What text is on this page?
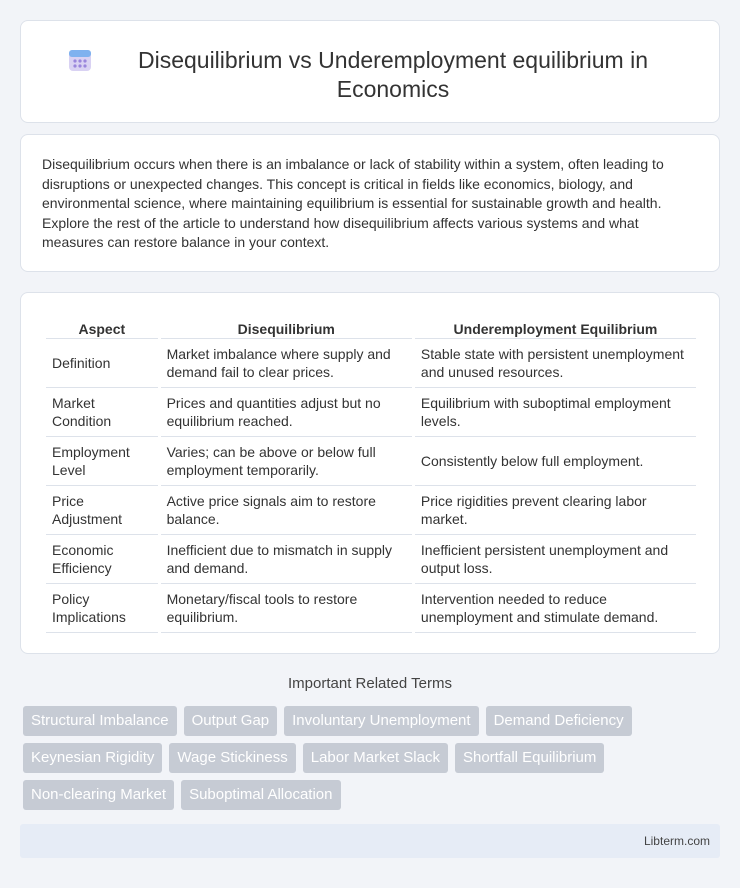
Disequilibrium vs Underemployment equilibrium in Economics

Disequilibrium occurs when there is an imbalance or lack of stability within a system, often leading to disruptions or unexpected changes. This concept is critical in fields like economics, biology, and environmental science, where maintaining equilibrium is essential for sustainable growth and health. Explore the rest of the article to understand how disequilibrium affects various systems and what measures can restore balance in your context.

Aspect	Disequilibrium	Underemployment Equilibrium
Definition	Market imbalance where supply and demand fail to clear prices.	Stable state with persistent unemployment and unused resources.
Market Condition	Prices and quantities adjust but no equilibrium reached.	Equilibrium with suboptimal employment levels.
Employment Level	Varies; can be above or below full employment temporarily.	Consistently below full employment.
Price Adjustment	Active price signals aim to restore balance.	Price rigidities prevent clearing labor market.
Economic Efficiency	Inefficient due to mismatch in supply and demand.	Inefficient persistent unemployment and output loss.
Policy Implications	Monetary/fiscal tools to restore equilibrium.	Intervention needed to reduce unemployment and stimulate demand.
Important Related Terms
Structural Imbalance	Output Gap	Involuntary Unemployment	Demand Deficiency
Keynesian Rigidity	Wage Stickiness	Labor Market Slack	Shortfall Equilibrium
Non-clearing Market	Suboptimal Allocation
Libterm.com
